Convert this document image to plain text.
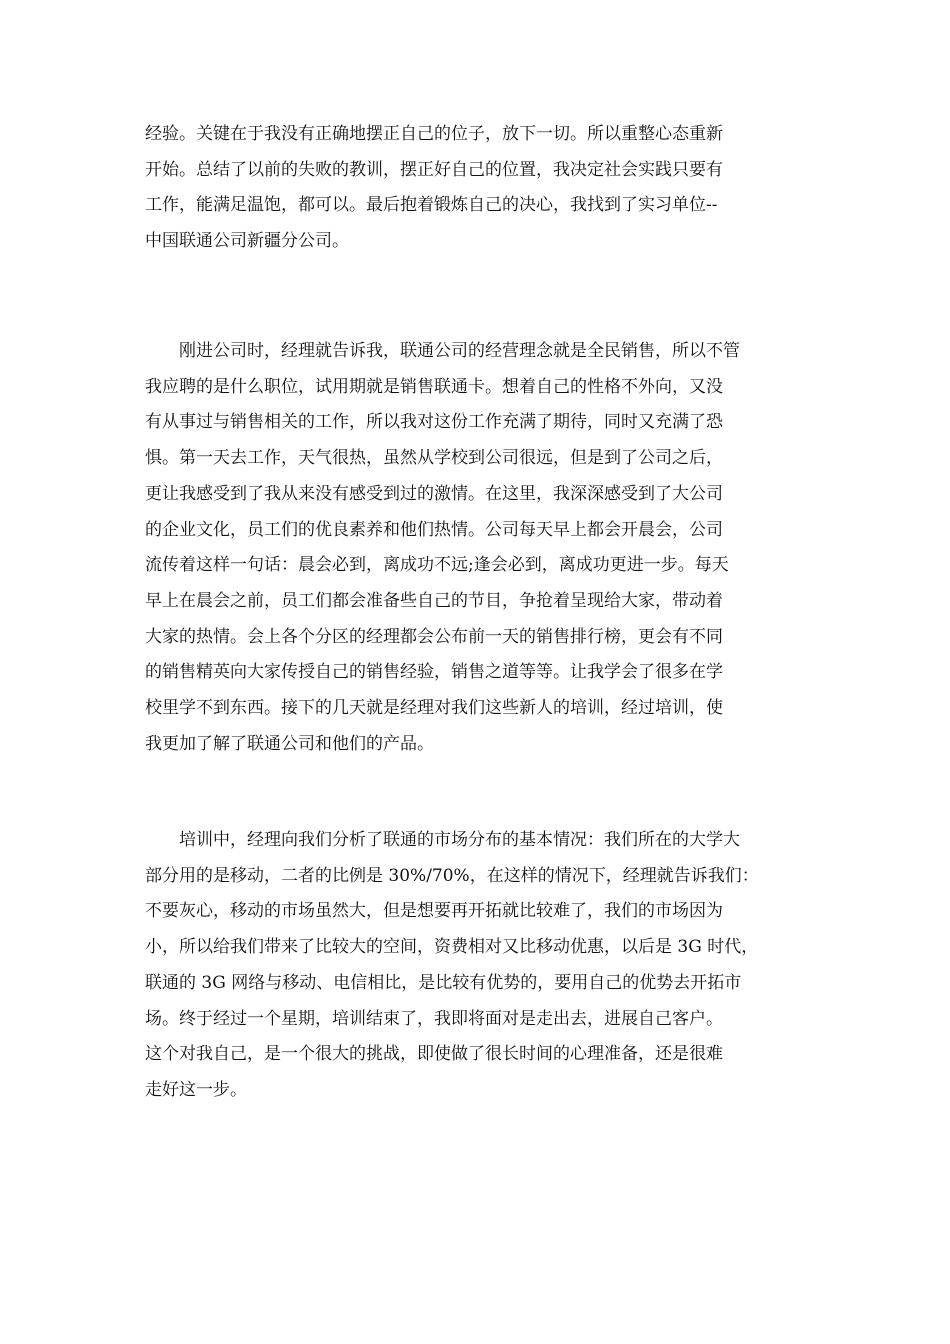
经验。关键在于我没有正确地摆正自己的位子，放下一切。所以重整心态重新
开始。总结了以前的失败的教训，摆正好自己的位置，我决定社会实践只要有
工作，能满足温饱，都可以。最后抱着锻炼自己的决心，我找到了实习单位--
中国联通公司新疆分公司。

　　刚进公司时，经理就告诉我，联通公司的经营理念就是全民销售，所以不管
我应聘的是什么职位，试用期就是销售联通卡。想着自己的性格不外向，又没
有从事过与销售相关的工作，所以我对这份工作充满了期待，同时又充满了恐
惧。第一天去工作，天气很热，虽然从学校到公司很远，但是到了公司之后，
更让我感受到了我从来没有感受到过的激情。在这里，我深深感受到了大公司
的企业文化，员工们的优良素养和他们热情。公司每天早上都会开晨会，公司
流传着这样一句话：晨会必到，离成功不远;逢会必到，离成功更进一步。每天
早上在晨会之前，员工们都会准备些自己的节目，争抢着呈现给大家，带动着
大家的热情。会上各个分区的经理都会公布前一天的销售排行榜，更会有不同
的销售精英向大家传授自己的销售经验，销售之道等等。让我学会了很多在学
校里学不到东西。接下的几天就是经理对我们这些新人的培训，经过培训，使
我更加了解了联通公司和他们的产品。

　　培训中，经理向我们分析了联通的市场分布的基本情况：我们所在的大学大
部分用的是移动，二者的比例是 30%/70%，在这样的情况下，经理就告诉我们：
不要灰心，移动的市场虽然大，但是想要再开拓就比较难了，我们的市场因为
小，所以给我们带来了比较大的空间，资费相对又比移动优惠，以后是 3G 时代，
联通的 3G 网络与移动、电信相比，是比较有优势的，要用自己的优势去开拓市
场。终于经过一个星期，培训结束了，我即将面对是走出去，进展自己客户。
这个对我自己，是一个很大的挑战，即使做了很长时间的心理准备，还是很难
走好这一步。
